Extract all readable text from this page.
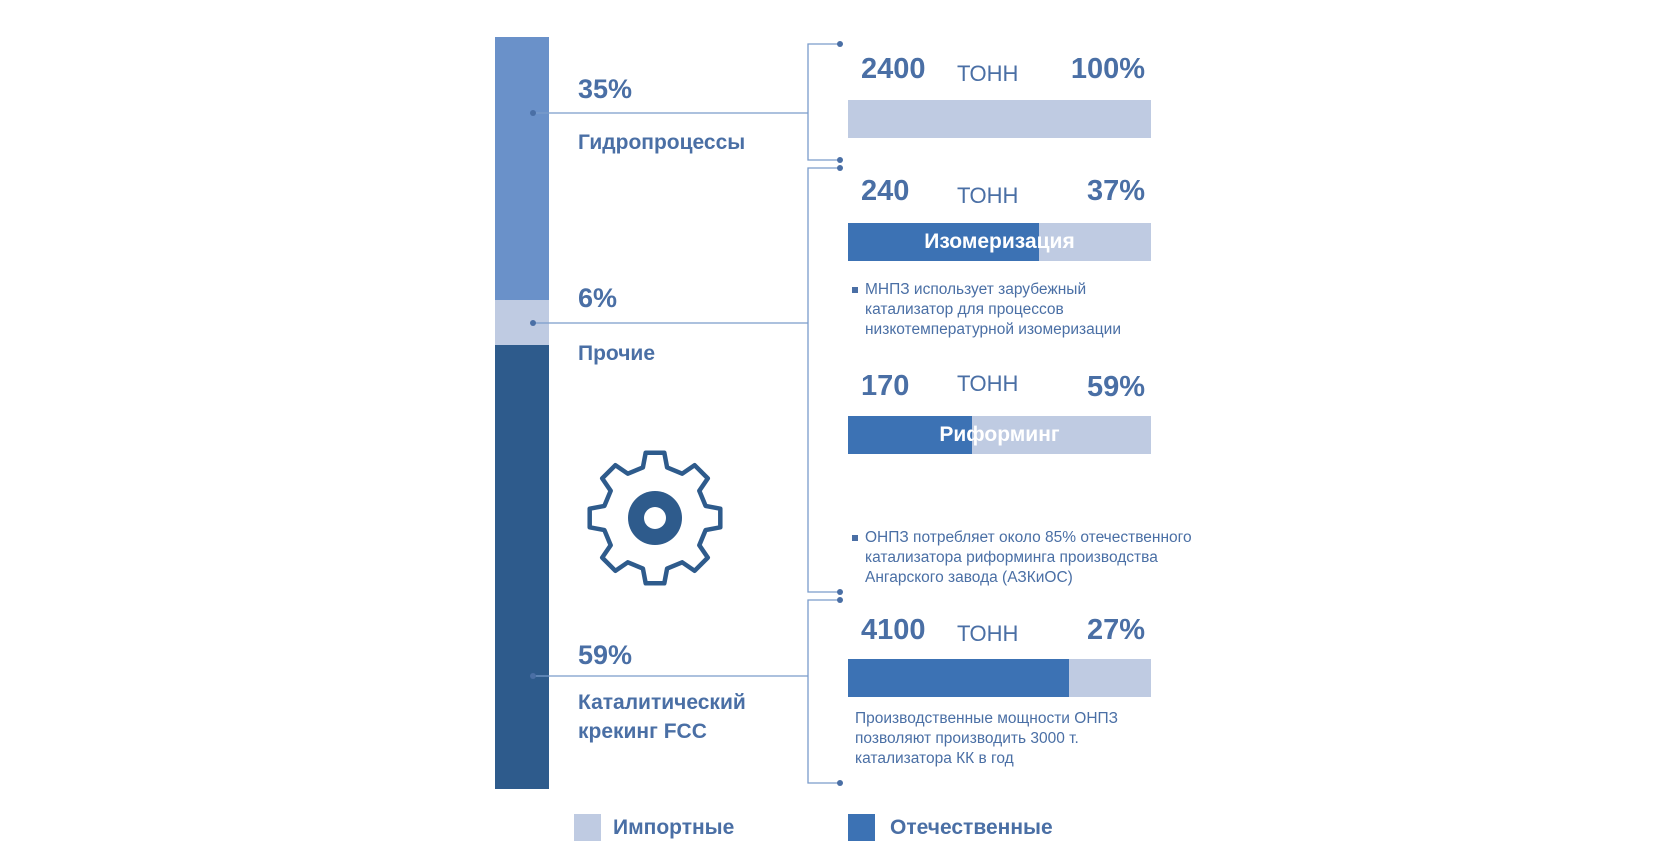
35%
Гидропроцессы
6%
Прочие
59%
Каталитический крекинг FCC
2400 ТОНН	100%
240 ТОНН	37%
Изомеризация
МНПЗ использует зарубежный катализатор для процессов низкотемпературной изомеризации
170 ТОНН	59%
Риформинг
ОНПЗ потребляет около 85% отечественного катализатора риформинга производства Ангарского завода (АЗКиОС)
4100 ТОНН	27%
Производственные мощности ОНПЗ позволяют производить 3000 т. катализатора КК в год
Импортные	Отечественные
